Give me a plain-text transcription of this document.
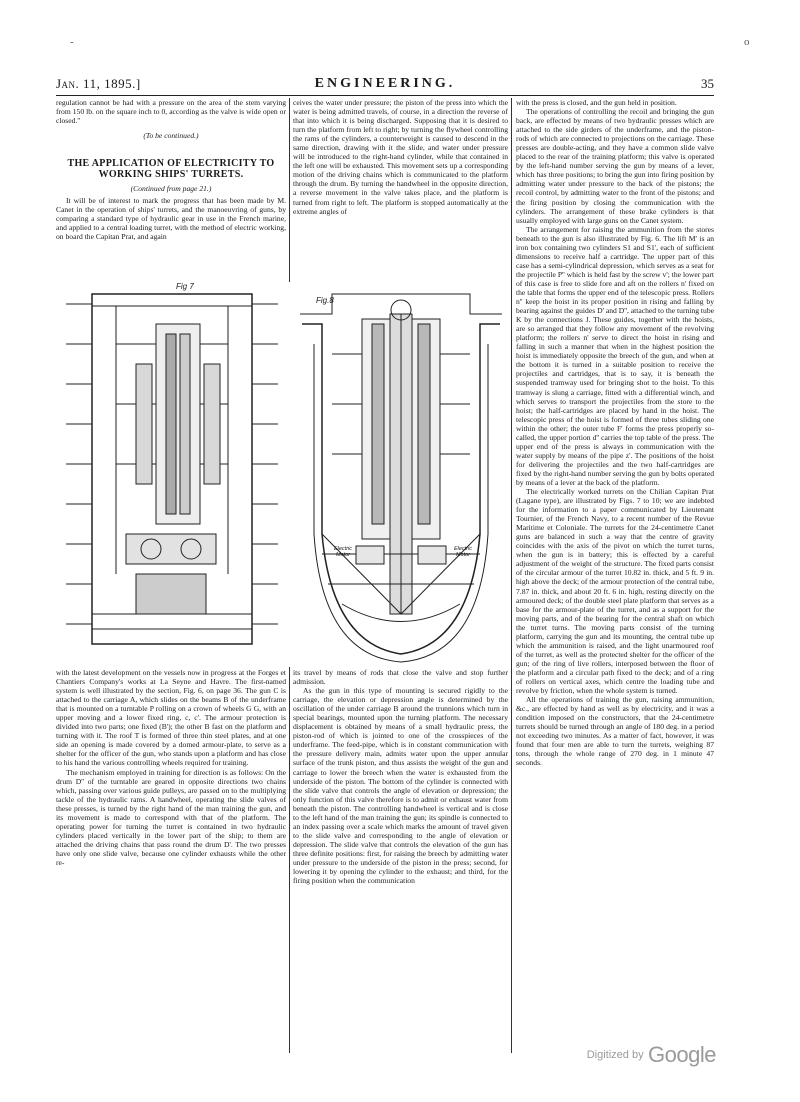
-	o
Jan. 11, 1895.]	ENGINEERING.	35

regulation cannot be had with a pressure on the area of the stem varying from 150 lb. on the square inch to 0, according as the valve is wide open or closed."

(To be continued.)

THE APPLICATION OF ELECTRICITY TO WORKING SHIPS' TURRETS.

(Continued from page 21.)

It will be of interest to mark the progress that has been made by M. Canet in the operation of ships' turrets, and the manoeuvring of guns, by comparing a standard type of hydraulic gear in use in the French marine, and applied to a central loading turret, with the method of electric working, on board the Capitan Prat, and again

ceives the water under pressure; the piston of the press into which the water is being admitted travels, of course, in a direction the reverse of that into which it is being discharged. Supposing that it is desired to turn the platform from left to right; by turning the flywheel controlling the rams of the cylinders, a counterweight is caused to descend in the same direction, drawing with it the slide, and water under pressure will be introduced to the right-hand cylinder, while that contained in the left one will be exhausted. This movement sets up a corresponding motion of the driving chains which is communicated to the platform through the drum. By turning the handwheel in the opposite direction, a reverse movement in the valve takes place, and the platform is turned from right to left. The platform is stopped automatically at the extreme angles of

with the press is closed, and the gun held in position.

The operations of controlling the recoil and bringing the gun back, are effected by means of two hydraulic presses which are attached to the side girders of the underframe, and the piston-rods of which are connected to projections on the carriage. These presses are double-acting, and they have a common slide valve placed to the rear of the training platform; this valve is operated by the left-hand number serving the gun by means of a lever, which has three positions; to bring the gun into firing position by admitting water under pressure to the back of the pistons; the recoil control, by admitting water to the front of the pistons; and the firing position by closing the communication with the cylinders. The arrangement of these brake cylinders is that usually employed with large guns on the Canet system.

The arrangement for raising the ammunition from the stores beneath to the gun is also illustrated by Fig. 6. The lift M' is an iron box containing two cylinders S1 and S1', each of sufficient dimensions to receive half a cartridge. The upper part of this case has a semi-cylindrical depression, which serves as a seat for the projectile P'' which is held fast by the screw v'; the lower part of this case is free to slide fore and aft on the rollers n' fixed on the table that forms the upper end of the telescopic press. Rollers n'' keep the hoist in its proper position in rising and falling by bearing against the guides D' and D'', attached to the turning tube K by the connections J. These guides, together with the hoists, are so arranged that they follow any movement of the revolving platform; the rollers n' serve to direct the hoist in rising and falling in such a manner that when in the highest position the hoist is immediately opposite the breech of the gun, and when at the bottom it is turned in a suitable position to receive the projectiles and cartridges, that is to say, it is beneath the suspended tramway used for bringing shot to the hoist. To this tramway is slung a carriage, fitted with a differential winch, and which serves to transport the projectiles from the store to the hoist; the half-cartridges are placed by hand in the hoist. The telescopic press of the hoist is formed of three tubes sliding one within the other; the outer tube F' forms the press properly so-called, the upper portion d'' carries the top table of the press. The upper end of the press is always in communication with the water supply by means of the pipe z'. The positions of the hoist for delivering the projectiles and the two half-cartridges are fixed by the right-hand number serving the gun by bolts operated by means of a lever at the back of the platform.

The electrically worked turrets on the Chilian Capitan Prat (Lagane type), are illustrated by Figs. 7 to 10; we are indebted for the information to a paper communicated by Lieutenant Tournier, of the French Navy, to a recent number of the Revue Maritime et Coloniale. The turrets for the 24-centimetre Canet guns are balanced in such a way that the centre of gravity coincides with the axis of the pivot on which the turret turns, when the gun is in battery; this is effected by a careful adjustment of the weight of the structure. The fixed parts consist of the circular armour of the turret 10.82 in. thick, and 5 ft. 9 in. high above the deck; of the armour protection of the central tube, 7.87 in. thick, and about 20 ft. 6 in. high, resting directly on the armoured deck; of the double steel plate platform that serves as a base for the armour-plate of the turret, and as a support for the moving parts, and of the bearing for the central shaft on which the turret turns. The moving parts consist of the turning platform, carrying the gun and its mounting, the central tube up which the ammunition is raised, and the light unarmoured roof of the turret, as well as the protected shelter for the officer of the gun; of the ring of live rollers, interposed between the floor of the platform and a circular path fixed to the deck; and of a ring of rollers on vertical axes, which centre the loading tube and revolve by friction, when the whole system is turned.

All the operations of training the gun, raising ammunition, &c., are effected by hand as well as by electricity, and it was a condition imposed on the constructors, that the 24-centimetre turrets should be turned through an angle of 180 deg. in a period not exceeding two minutes. As a matter of fact, however, it was found that four men are able to turn the turrets, weighing 87 tons, through the whole range of 270 deg. in 1 minute 47 seconds.

Fig 7
Fig.8
Electric Motor
Electric Motor

with the latest development on the vessels now in progress at the Forges et Chantiers Company's works at La Seyne and Havre. The first-named system is well illustrated by the section, Fig. 6, on page 36. The gun C is attached to the carriage A, which slides on the beams B of the underframe that is mounted on a turntable P rolling on a crown of wheels G G, with an upper moving and a lower fixed ring, c, c'. The armour protection is divided into two parts; one fixed (B'); the other B fast on the platform and turning with it. The roof T is formed of three thin steel plates, and at one side an opening is made covered by a domed armour-plate, to serve as a shelter for the officer of the gun, who stands upon a platform and has close to his hand the various controlling wheels required for training.

The mechanism employed in training for direction is as follows: On the drum D'' of the turntable are geared in opposite directions two chains which, passing over various guide pulleys, are passed on to the multiplying tackle of the hydraulic rams. A handwheel, operating the slide valves of these presses, is turned by the right hand of the man training the gun, and its movement is made to correspond with that of the platform. The operating power for turning the turret is contained in two hydraulic cylinders placed vertically in the lower part of the ship; to them are attached the driving chains that pass round the drum D'. The two presses have only one slide valve, because one cylinder exhausts while the other re-

its travel by means of rods that close the valve and stop further admission.

As the gun in this type of mounting is secured rigidly to the carriage, the elevation or depression angle is determined by the oscillation of the under carriage B around the trunnions which turn in special bearings, mounted upon the turning platform. The necessary displacement is obtained by means of a small hydraulic press, the piston-rod of which is jointed to one of the crosspieces of the underframe. The feed-pipe, which is in constant communication with the pressure delivery main, admits water upon the upper annular surface of the trunk piston, and thus assists the weight of the gun and carriage to lower the breech when the water is exhausted from the underside of the piston. The bottom of the cylinder is connected with the slide valve that controls the angle of elevation or depression; the only function of this valve therefore is to admit or exhaust water from beneath the piston. The controlling handwheel is vertical and is close to the left hand of the man training the gun; its spindle is connected to an index passing over a scale which marks the amount of travel given to the slide valve and corresponding to the angle of elevation or depression. The slide valve that controls the elevation of the gun has three definite positions: first, for raising the breech by admitting water under pressure to the underside of the piston in the press; second, for lowering it by opening the cylinder to the exhaust; and third, for the firing position when the communication

$^{Digitized by}$ Google
